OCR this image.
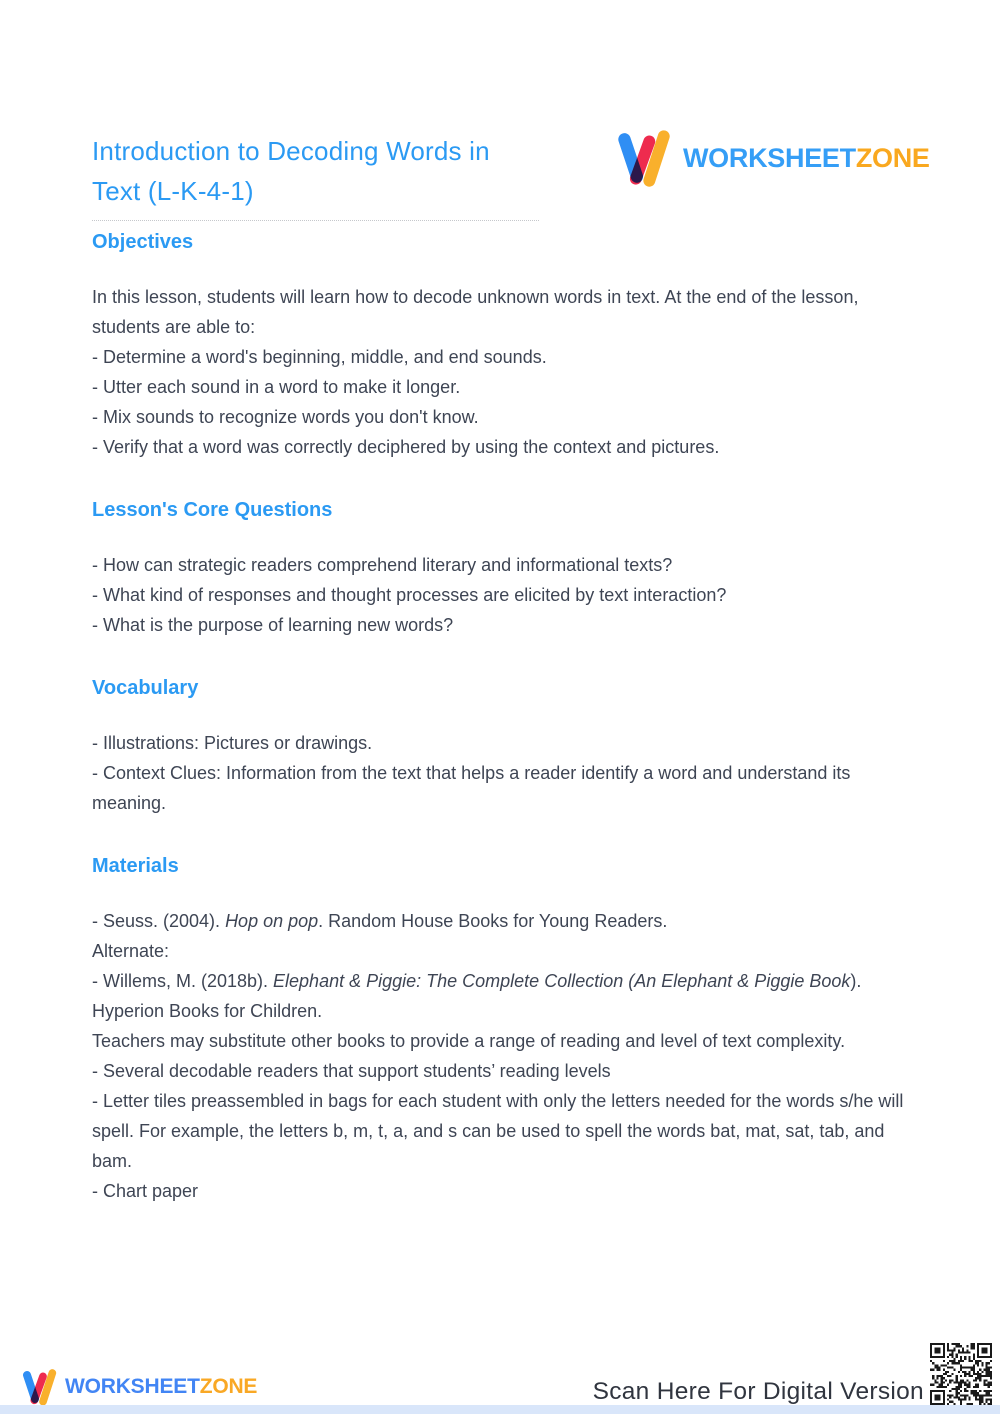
WORKSHEETZONE
Introduction to Decoding Words in Text (L-K-4-1)
Objectives

In this lesson, students will learn how to decode unknown words in text. At the end of the lesson, students are able to:

- Determine a word's beginning, middle, and end sounds.

- Utter each sound in a word to make it longer.

- Mix sounds to recognize words you don't know.

- Verify that a word was correctly deciphered by using the context and pictures.

Lesson's Core Questions

- How can strategic readers comprehend literary and informational texts?

- What kind of responses and thought processes are elicited by text interaction?

- What is the purpose of learning new words?

Vocabulary

- Illustrations: Pictures or drawings.

- Context Clues: Information from the text that helps a reader identify a word and understand its meaning.

Materials

- Seuss. (2004). Hop on pop. Random House Books for Young Readers.

Alternate:

- Willems, M. (2018b). Elephant & Piggie: The Complete Collection (An Elephant & Piggie Book). Hyperion Books for Children.

Teachers may substitute other books to provide a range of reading and level of text complexity.

- Several decodable readers that support students’ reading levels

- Letter tiles preassembled in bags for each student with only the letters needed for the words s/he will spell. For example, the letters b, m, t, a, and s can be used to spell the words bat, mat, sat, tab, and bam.

- Chart paper

WORKSHEETZONE	Scan Here For Digital Version
